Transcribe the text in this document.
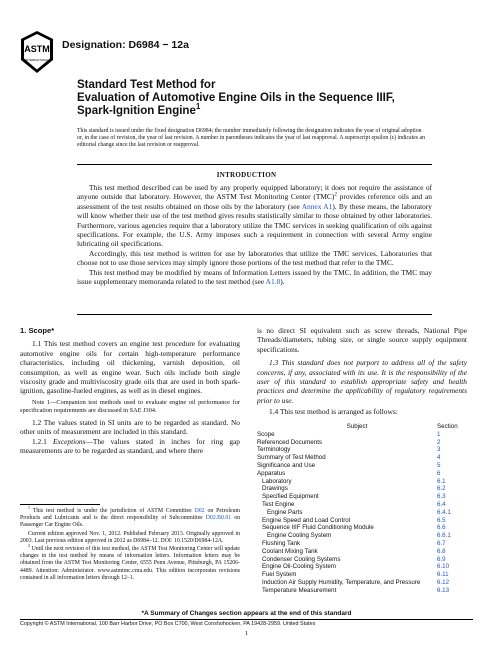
ASTM
INTERNATIONAL
Designation: D6984 − 12a
Standard Test Method for
Evaluation of Automotive Engine Oils in the Sequence IIIF,
Spark-Ignition Engine$^1$
This standard is issued under the fixed designation D6984; the number immediately following the designation indicates the year of original adoption or, in the case of revision, the year of last revision. A number in parentheses indicates the year of last reapproval. A superscript epsilon (ε) indicates an editorial change since the last revision or reapproval.
INTRODUCTION

This test method described can be used by any properly equipped laboratory; it does not require the assistance of anyone outside that laboratory. However, the ASTM Test Monitoring Center (TMC)$^2$ provides reference oils and an assessment of the test results obtained on those oils by the laboratory (see Annex A1). By these means, the laboratory will know whether their use of the test method gives results statistically similar to those obtained by other laboratories. Furthermore, various agencies require that a laboratory utilize the TMC services in seeking qualification of oils against specifications. For example, the U.S. Army imposes such a requirement in connection with several Army engine lubricating oil specifications.

Accordingly, this test method is written for use by laboratories that utilize the TMC services. Laboratories that choose not to use those services may simply ignore those portions of the test method that refer to the TMC.

This test method may be modified by means of Information Letters issued by the TMC. In addition, the TMC may issue supplementary memoranda related to the test method (see A1.8).

1. Scope*

1.1 This test method covers an engine test procedure for evaluating automotive engine oils for certain high-temperature performance characteristics, including oil thickening, varnish deposition, oil consumption, as well as engine wear. Such oils include both single viscosity grade and multiviscosity grade oils that are used in both spark-ignition, gasoline-fueled engines, as well as in diesel engines.

Note 1—Companion test methods used to evaluate engine oil performance for specification requirements are discussed in SAE J304.

1.2 The values stated in SI units are to be regarded as standard. No other units of measurement are included in this standard.

1.2.1 Exceptions—The values stated in inches for ring gap measurements are to be regarded as standard, and where there

$^1$ This test method is under the jurisdiction of ASTM Committee D02 on Petroleum Products and Lubricants and is the direct responsibility of Subcommittee D02.B0.01 on Passenger Car Engine Oils.

Current edition approved Nov. 1, 2012. Published February 2013. Originally approved in 2003. Last previous edition approved in 2012 as D6984–12. DOI: 10.1520/D6984-12A.

$^2$ Until the next revision of this test method, the ASTM Test Monitoring Center will update changes in the test method by means of information letters. Information letters may be obtained from the ASTM Test Monitoring Center, 6555 Penn Avenue, Pittsburgh, PA 15206-4489. Attention: Administrator. www.astmtmc.cmu.edu. This edition incorporates revisions contained in all information letters through 12–1.

is no direct SI equivalent such as screw threads, National Pipe Threads/diameters, tubing size, or single source supply equipment specifications.

1.3 This standard does not purport to address all of the safety concerns, if any, associated with its use. It is the responsibility of the user of this standard to establish appropriate safety and health practices and determine the applicability of regulatory requirements prior to use.

1.4 This test method is arranged as follows:

Subject	Section
Scope	1
Referenced Documents	2
Terminology	3
Summary of Test Method	4
Significance and Use	5
Apparatus	6
Laboratory	6.1
Drawings	6.2
Specified Equipment	6.3
Test Engine	6.4
Engine Parts	6.4.1
Engine Speed and Load Control	6.5
Sequence IIIF Fluid Conditioning Module	6.6
Engine Cooling System	6.6.1
Flushing Tank	6.7
Coolant Mixing Tank	6.8
Condenser Cooling Systems	6.9
Engine Oil-Cooling System	6.10
Fuel System	6.11
Induction Air Supply Humidity, Temperature, and Pressure	6.12
Temperature Measurement	6.13
*A Summary of Changes section appears at the end of this standard
Copyright © ASTM International, 100 Barr Harbor Drive, PO Box C700, West Conshohocken, PA 19428-2959. United States
1
